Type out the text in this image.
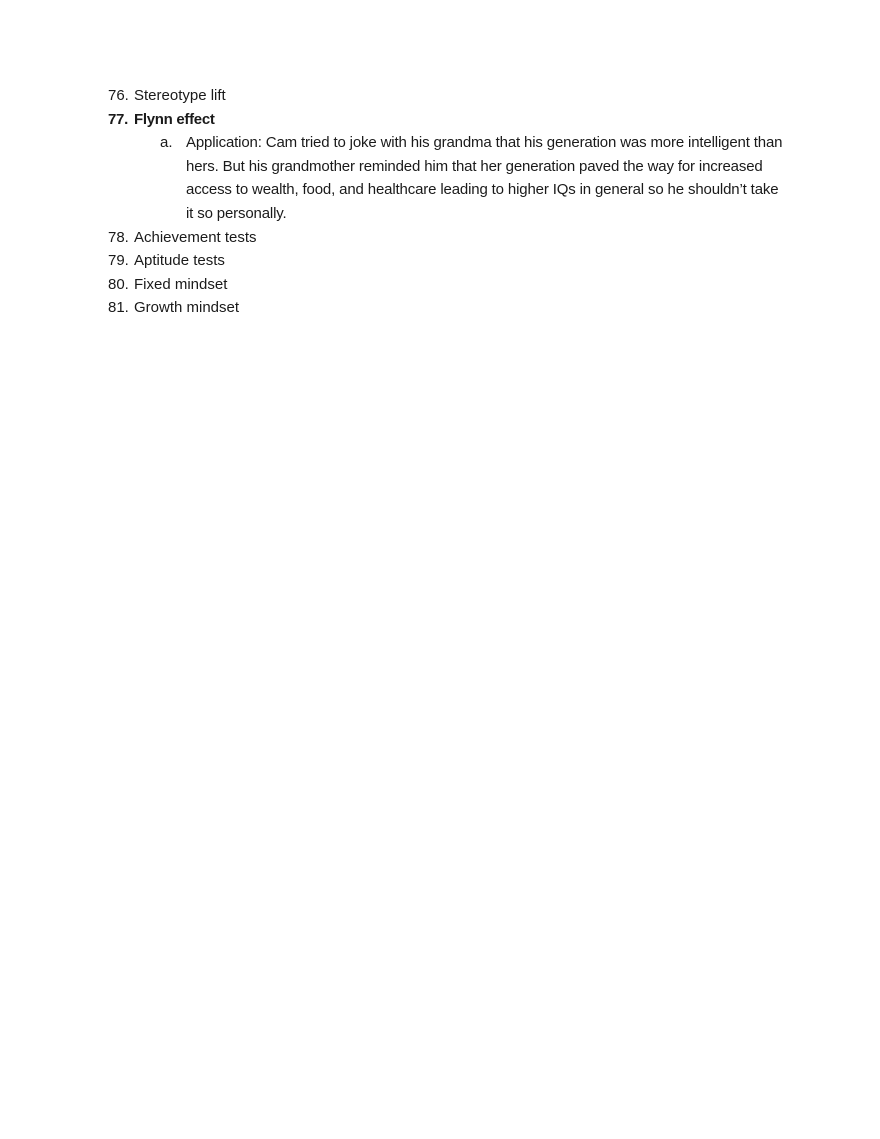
76. Stereotype lift
77. Flynn effect
a. Application: Cam tried to joke with his grandma that his generation was more intelligent than hers. But his grandmother reminded him that her generation paved the way for increased access to wealth, food, and healthcare leading to higher IQs in general so he shouldn’t take it so personally.
78. Achievement tests
79. Aptitude tests
80. Fixed mindset
81. Growth mindset
